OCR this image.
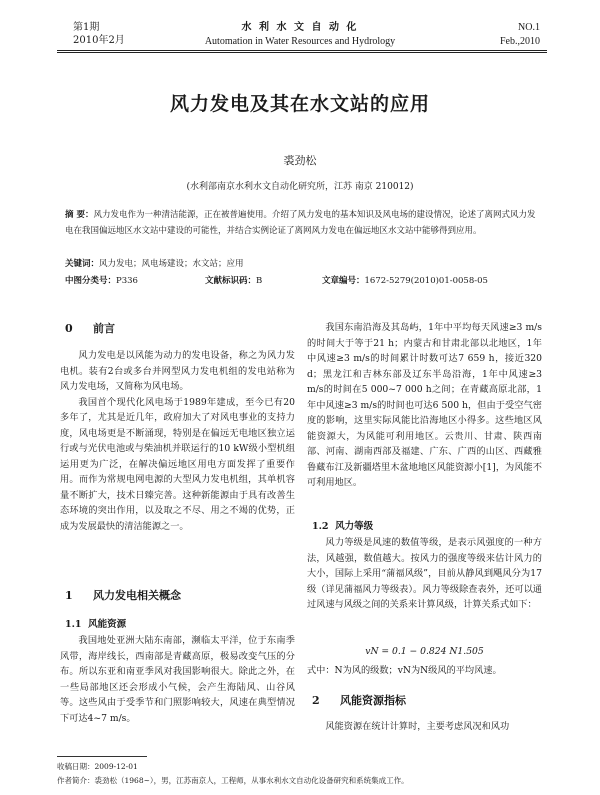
第1期
2010年2月
水 利 水 文 自 动 化
Automation in Water Resources and Hydrology
NO.1
Feb.,2010
风力发电及其在水文站的应用
裘劲松
(水利部南京水利水文自动化研究所，江苏 南京 210012)
摘 要：风力发电作为一种清洁能源，正在被普遍使用。介绍了风力发电的基本知识及风电场的建设情况，论述了离网式风力发电在我国偏远地区水文站中建设的可能性，并结合实例论证了离网风力发电在偏远地区水文站中能够得到应用。
关键词：风力发电；风电场建设；水文站；应用
中图分类号：P336	文献标识码：B	文章编号：1672-5279(2010)01-0058-05
0 前言

风力发电是以风能为动力的发电设备，称之为风力发电机。装有2台或多台并网型风力发电机组的发电站称为风力发电场，又简称为风电场。

我国首个现代化风电场于1989年建成，至今已有20多年了，尤其是近几年，政府加大了对风电事业的支持力度，风电场更是不断涌现，特别是在偏远无电地区独立运行或与光伏电池或与柴油机并联运行的10 kW级小型机组运用更为广泛，在解决偏远地区用电方面发挥了重要作用。而作为常规电网电源的大型风力发电机组，其单机容量不断扩大，技术日臻完善。这种新能源由于具有改善生态环境的突出作用，以及取之不尽、用之不竭的优势，正成为发展最快的清洁能源之一。

1 风力发电相关概念
1.1 风能资源

我国地处亚洲大陆东南部，濒临太平洋，位于东南季风带，海岸线长，西南部是青藏高原，极易改变气压的分布。所以东亚和南亚季风对我国影响很大。除此之外，在一些局部地区还会形成小气候，会产生海陆风、山谷风等。这些风由于受季节和门照影响较大，风速在典型情况下可达4~7 m/s。

我国东南沿海及其岛屿，1年中平均每天风速≥3 m/s的时间大于等于21 h；内蒙古和甘肃北部以北地区，1年中风速≥3 m/s的时间累计时数可达7 659 h，接近320 d；黑龙江和吉林东部及辽东半岛沿海，1年中风速≥3 m/s的时间在5 000~7 000 h之间；在青藏高原北部，1年中风速≥3 m/s的时间也可达6 500 h，但由于受空气密度的影响，这里实际风能比沿海地区小得多。这些地区风能资源大，为风能可利用地区。云贵川、甘肃、陕西南部、河南、湖南西部及福建、广东、广西的山区、西藏雅鲁藏布江及新疆塔里木盆地地区风能资源小[1]，为风能不可利用地区。

1.2 风力等级

风力等级是风速的数值等级，是表示风强度的一种方法，风越强，数值越大。按风力的强度等级来估计风力的大小，国际上采用“蒲福风级”，目前从静风到飓风分为17级（详见蒲福风力等级表）。风力等级除查表外，还可以通过风速与风级之间的关系来计算风级，计算关系式如下：

vN = 0.1 − 0.824 N1.505
式中：N为风的级数；vN为N级风的平均风速。
2 风能资源指标

风能资源在统计计算时，主要考虑风况和风功

收稿日期：2009-12-01
作者简介：裘劲松（1968~），男，江苏南京人，工程师，从事水利水文自动化设备研究和系统集成工作。
